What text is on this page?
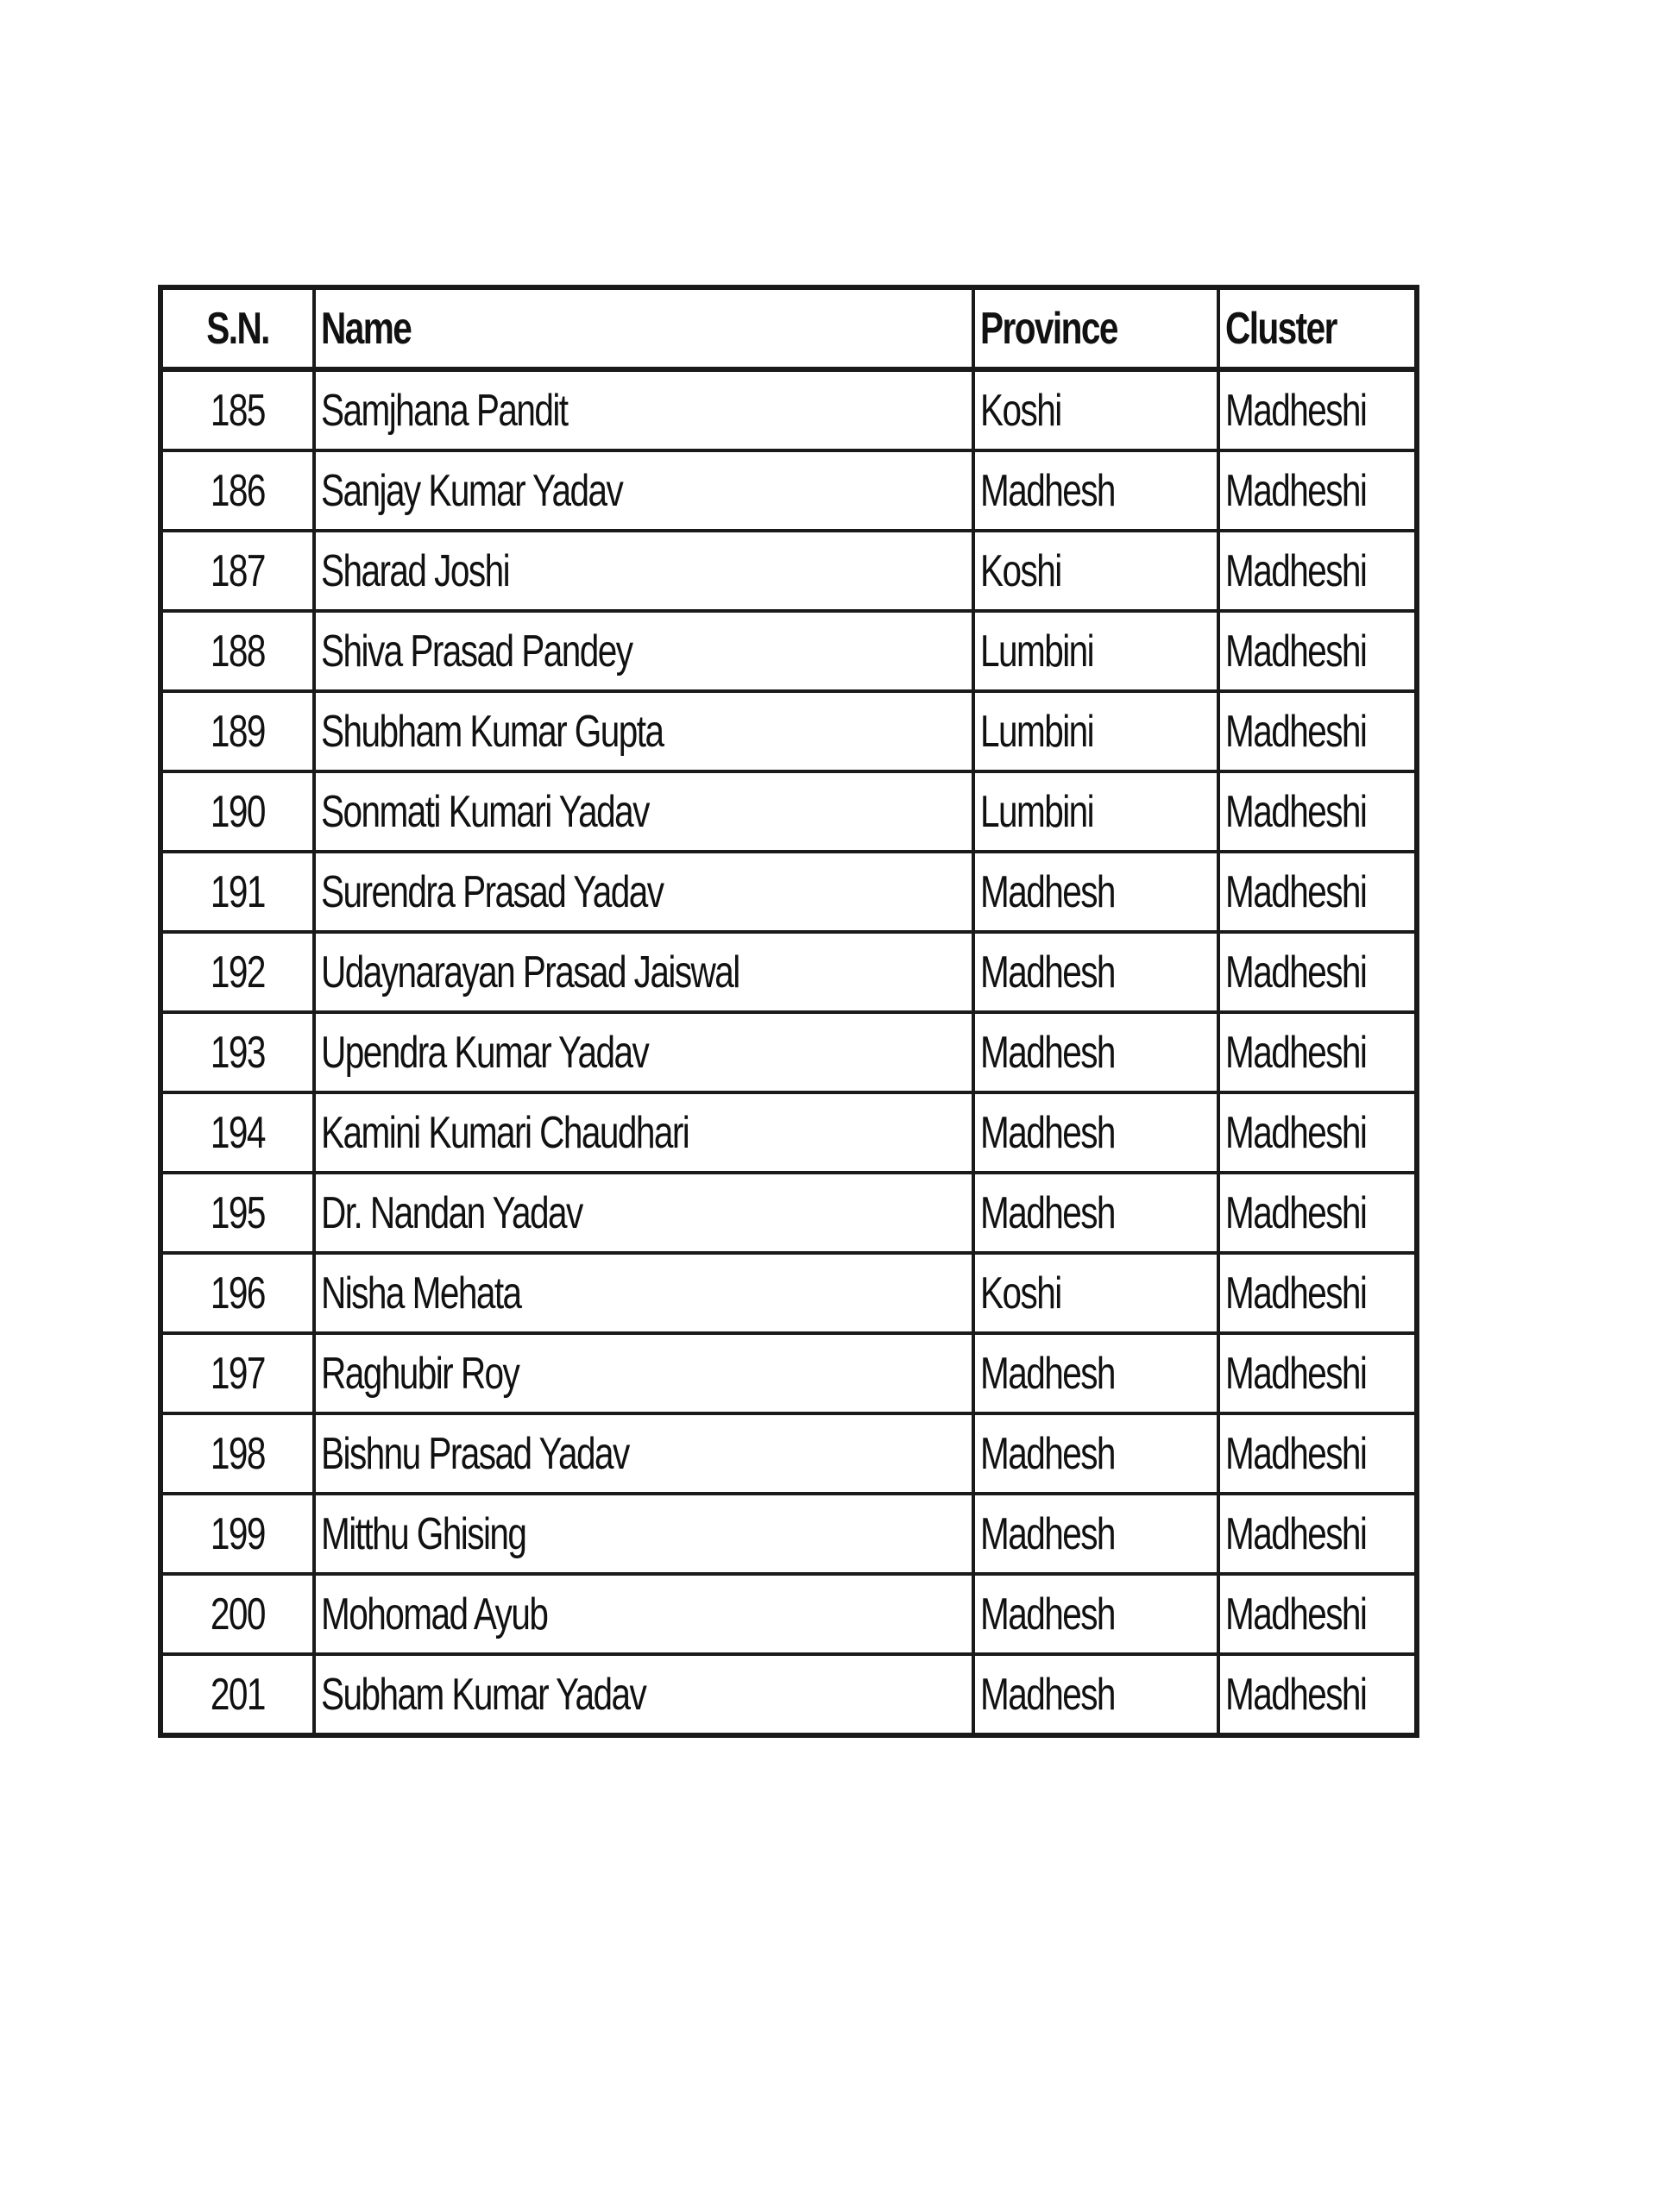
S.N.	Name	Province	Cluster
185	Samjhana Pandit	Koshi	Madheshi
186	Sanjay Kumar Yadav	Madhesh	Madheshi
187	Sharad Joshi	Koshi	Madheshi
188	Shiva Prasad Pandey	Lumbini	Madheshi
189	Shubham Kumar Gupta	Lumbini	Madheshi
190	Sonmati Kumari Yadav	Lumbini	Madheshi
191	Surendra Prasad Yadav	Madhesh	Madheshi
192	Udaynarayan Prasad Jaiswal	Madhesh	Madheshi
193	Upendra Kumar Yadav	Madhesh	Madheshi
194	Kamini Kumari Chaudhari	Madhesh	Madheshi
195	Dr. Nandan Yadav	Madhesh	Madheshi
196	Nisha Mehata	Koshi	Madheshi
197	Raghubir Roy	Madhesh	Madheshi
198	Bishnu Prasad Yadav	Madhesh	Madheshi
199	Mitthu Ghising	Madhesh	Madheshi
200	Mohomad Ayub	Madhesh	Madheshi
201	Subham Kumar Yadav	Madhesh	Madheshi
